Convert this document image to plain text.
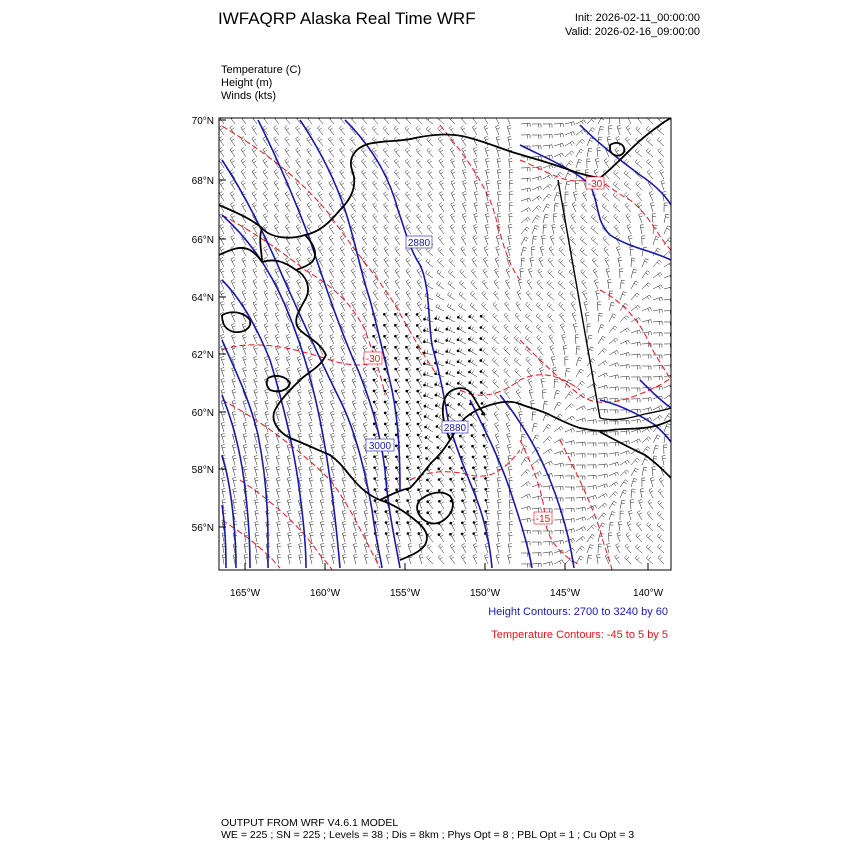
IWFAQRP Alaska Real Time WRF	Init: 2026-02-11_00:00:00
Valid: 2026-02-16_09:00:00
Temperature (C)
Height (m)
Winds (kts)
70°N
68°N
66°N
64°N
62°N
60°N
58°N
56°N
165°W	160°W	155°W	150°W	145°W	140°W
2880
3000
2880
-30
-15
-30
Height Contours: 2700 to 3240 by 60
Temperature Contours: -45 to 5 by 5
OUTPUT FROM WRF V4.6.1 MODEL
WE = 225 ; SN = 225 ; Levels = 38 ; Dis = 8km ; Phys Opt = 8 ; PBL Opt = 1 ; Cu Opt = 3
